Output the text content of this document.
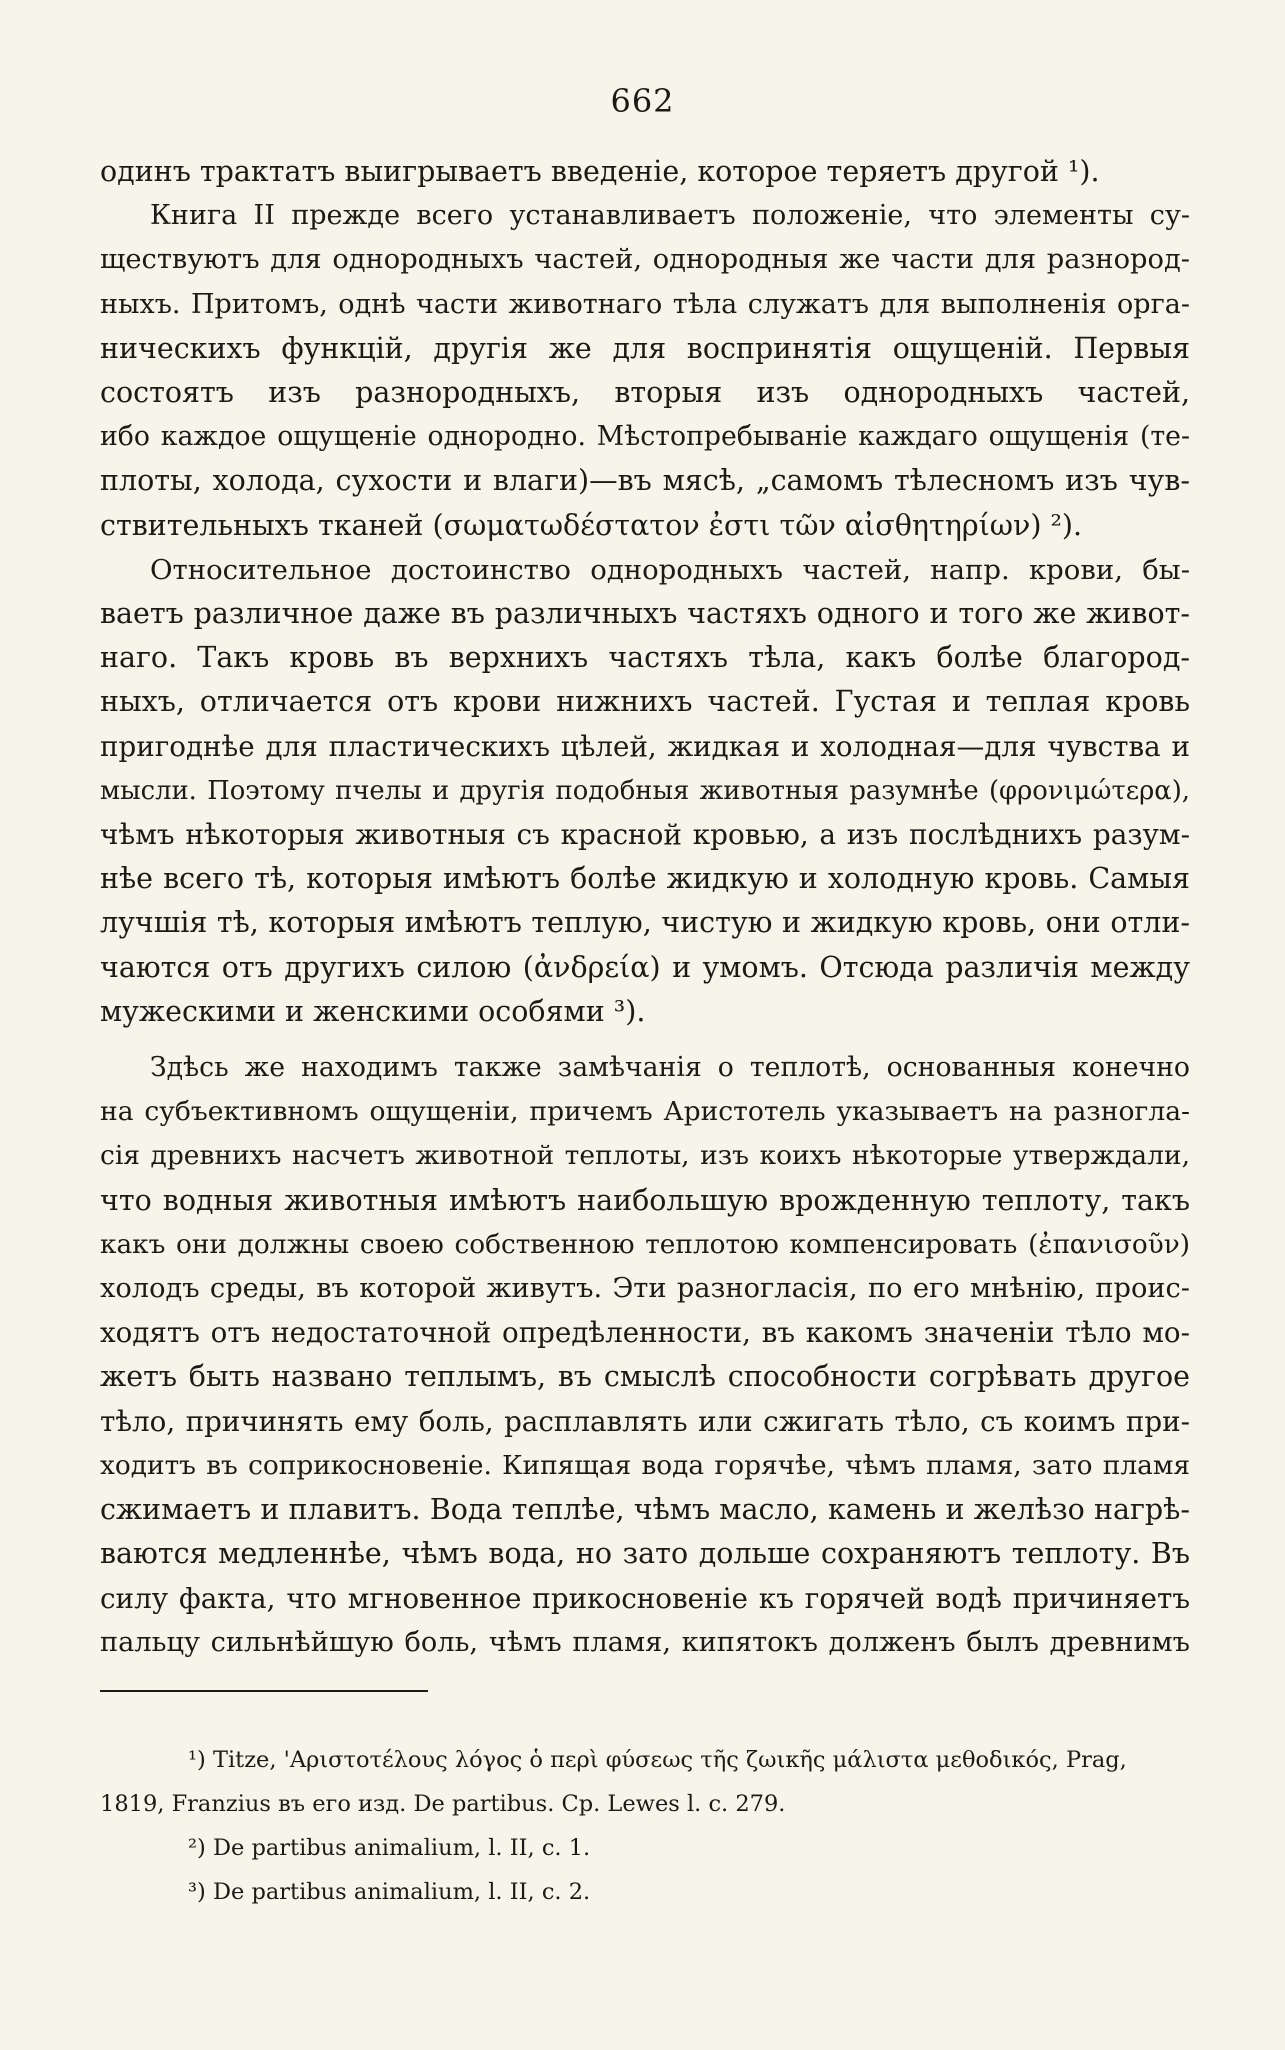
662

одинъ трактатъ выигрываетъ введеніе, которое теряетъ другой ¹).

Книга II прежде всего устанавливаетъ положеніе, что элементы су-
ществуютъ для однородныхъ частей, однородныя же части для разнород-
ныхъ. Притомъ, однѣ части животнаго тѣла служатъ для выполненія орга-
ническихъ функцій, другія же для воспринятія ощущеній. Первыя
состоятъ изъ разнородныхъ, вторыя изъ однородныхъ частей,
ибо каждое ощущеніе однородно. Мѣстопребываніе каждаго ощущенія (те-
плоты, холода, сухости и влаги)—въ мясѣ, „самомъ тѣлесномъ изъ чув-
ствительныхъ тканей (σωματωδέστατον ἐστι τῶν αἰσθητηρίων) ²).

Относительное достоинство однородныхъ частей, напр. крови, бы-
ваетъ различное даже въ различныхъ частяхъ одного и того же живот-
наго. Такъ кровь въ верхнихъ частяхъ тѣла, какъ болѣе благород-
ныхъ, отличается отъ крови нижнихъ частей. Густая и теплая кровь
пригоднѣе для пластическихъ цѣлей, жидкая и холодная—для чувства и
мысли. Поэтому пчелы и другія подобныя животныя разумнѣе (φρονιμώτερα),
чѣмъ нѣкоторыя животныя съ красной кровью, а изъ послѣднихъ разум-
нѣе всего тѣ, которыя имѣютъ болѣе жидкую и холодную кровь. Самыя
лучшія тѣ, которыя имѣютъ теплую, чистую и жидкую кровь, они отли-
чаются отъ другихъ силою (ἀνδρεία) и умомъ. Отсюда различія между
мужескими и женскими особями ³).

Здѣсь же находимъ также замѣчанія о теплотѣ, основанныя конечно
на субъективномъ ощущеніи, причемъ Аристотель указываетъ на разногла-
сія древнихъ насчетъ животной теплоты, изъ коихъ нѣкоторые утверждали,
что водныя животныя имѣютъ наибольшую врожденную теплоту, такъ
какъ они должны своею собственною теплотою компенсировать (ἐπανισοῦν)
холодъ среды, въ которой живутъ. Эти разногласія, по его мнѣнію, проис-
ходятъ отъ недостаточной опредѣленности, въ какомъ значеніи тѣло мо-
жетъ быть названо теплымъ, въ смыслѣ способности согрѣвать другое
тѣло, причинять ему боль, расплавлять или сжигать тѣло, съ коимъ при-
ходитъ въ соприкосновеніе. Кипящая вода горячѣе, чѣмъ пламя, зато пламя
сжимаетъ и плавитъ. Вода теплѣе, чѣмъ масло, камень и желѣзо нагрѣ-
ваются медленнѣе, чѣмъ вода, но зато дольше сохраняютъ теплоту. Въ
силу факта, что мгновенное прикосновеніе къ горячей водѣ причиняетъ
пальцу сильнѣйшую боль, чѣмъ пламя, кипятокъ долженъ былъ древнимъ

¹) Titze, 'Αριστοτέλους λόγος ὁ περὶ φύσεως τῆς ζωικῆς μάλιστα μεθοδικός, Prag,
1819, Franzius въ его изд. De partibus. Ср. Lewes l. c. 279.
²) De partibus animalium, l. II, c. 1.
³) De partibus animalium, l. II, c. 2.
